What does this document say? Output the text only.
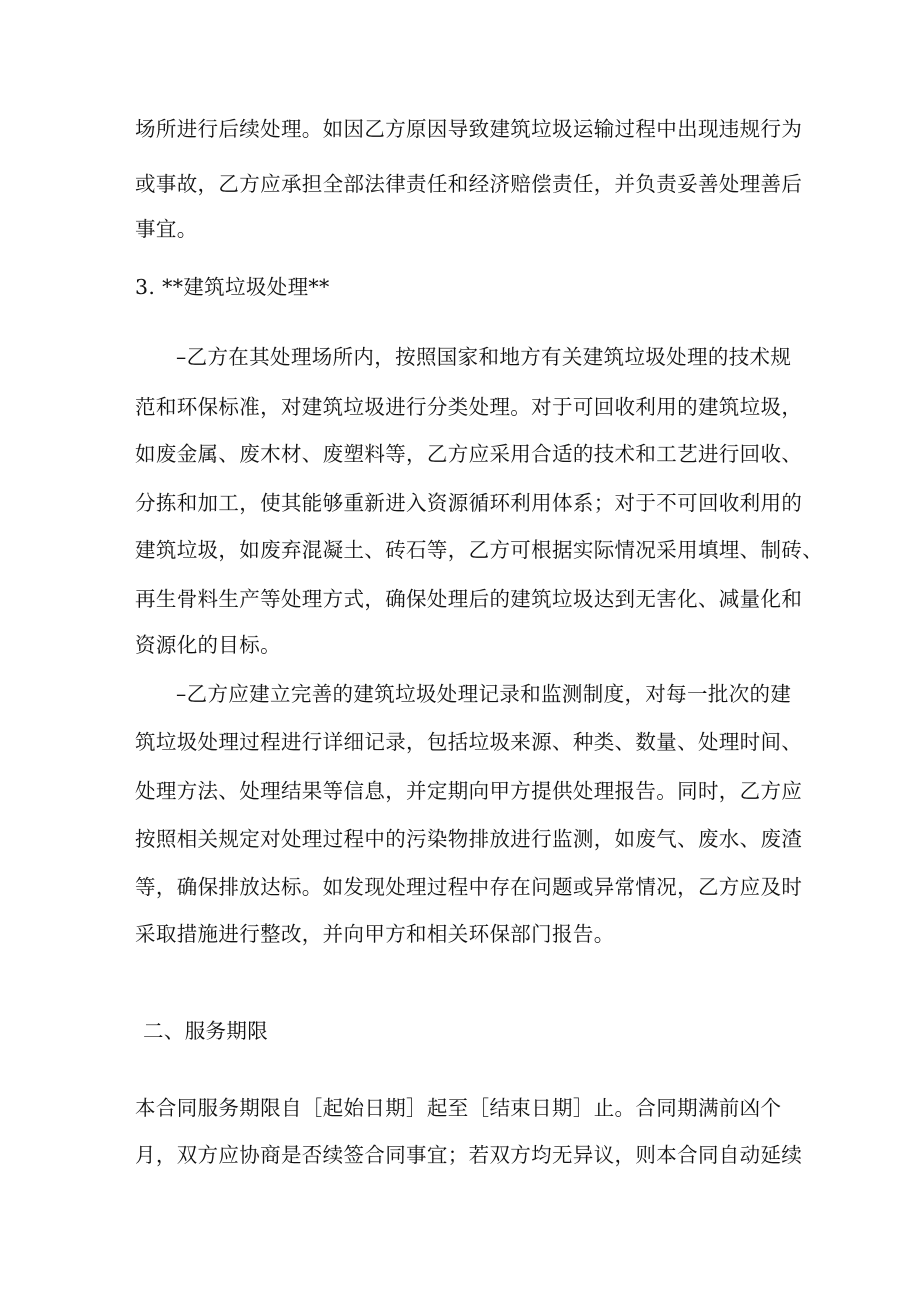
场所进行后续处理。如因乙方原因导致建筑垃圾运输过程中出现违规行为
或事故，乙方应承担全部法律责任和经济赔偿责任，并负责妥善处理善后
事宜。
3. **建筑垃圾处理**
–乙方在其处理场所内，按照国家和地方有关建筑垃圾处理的技术规
范和环保标准，对建筑垃圾进行分类处理。对于可回收利用的建筑垃圾，
如废金属、废木材、废塑料等，乙方应采用合适的技术和工艺进行回收、
分拣和加工，使其能够重新进入资源循环利用体系；对于不可回收利用的
建筑垃圾，如废弃混凝土、砖石等，乙方可根据实际情况采用填埋、制砖、
再生骨料生产等处理方式，确保处理后的建筑垃圾达到无害化、减量化和
资源化的目标。
–乙方应建立完善的建筑垃圾处理记录和监测制度，对每一批次的建
筑垃圾处理过程进行详细记录，包括垃圾来源、种类、数量、处理时间、
处理方法、处理结果等信息，并定期向甲方提供处理报告。同时，乙方应
按照相关规定对处理过程中的污染物排放进行监测，如废气、废水、废渣
等，确保排放达标。如发现处理过程中存在问题或异常情况，乙方应及时
采取措施进行整改，并向甲方和相关环保部门报告。
二、服务期限
本合同服务期限自［起始日期］起至［结束日期］止。合同期满前凶个
月，双方应协商是否续签合同事宜；若双方均无异议，则本合同自动延续
